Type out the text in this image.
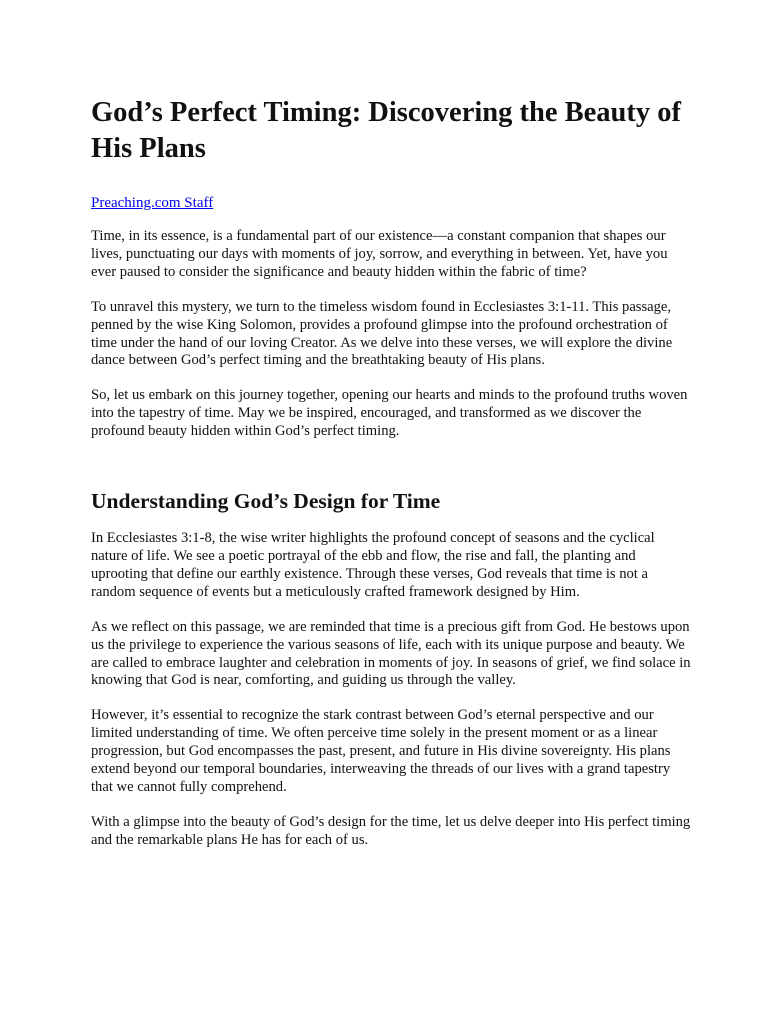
God’s Perfect Timing: Discovering the Beauty of His Plans
Preaching.com Staff

Time, in its essence, is a fundamental part of our existence—a constant companion that shapes our lives, punctuating our days with moments of joy, sorrow, and everything in between. Yet, have you ever paused to consider the significance and beauty hidden within the fabric of time?

To unravel this mystery, we turn to the timeless wisdom found in Ecclesiastes 3:1-11. This passage, penned by the wise King Solomon, provides a profound glimpse into the profound orchestration of time under the hand of our loving Creator. As we delve into these verses, we will explore the divine dance between God’s perfect timing and the breathtaking beauty of His plans.

So, let us embark on this journey together, opening our hearts and minds to the profound truths woven into the tapestry of time. May we be inspired, encouraged, and transformed as we discover the profound beauty hidden within God’s perfect timing.

Understanding God’s Design for Time

In Ecclesiastes 3:1-8, the wise writer highlights the profound concept of seasons and the cyclical nature of life. We see a poetic portrayal of the ebb and flow, the rise and fall, the planting and uprooting that define our earthly existence. Through these verses, God reveals that time is not a random sequence of events but a meticulously crafted framework designed by Him.

As we reflect on this passage, we are reminded that time is a precious gift from God. He bestows upon us the privilege to experience the various seasons of life, each with its unique purpose and beauty. We are called to embrace laughter and celebration in moments of joy. In seasons of grief, we find solace in knowing that God is near, comforting, and guiding us through the valley.

However, it’s essential to recognize the stark contrast between God’s eternal perspective and our limited understanding of time. We often perceive time solely in the present moment or as a linear progression, but God encompasses the past, present, and future in His divine sovereignty. His plans extend beyond our temporal boundaries, interweaving the threads of our lives with a grand tapestry that we cannot fully comprehend.

With a glimpse into the beauty of God’s design for the time, let us delve deeper into His perfect timing and the remarkable plans He has for each of us.
